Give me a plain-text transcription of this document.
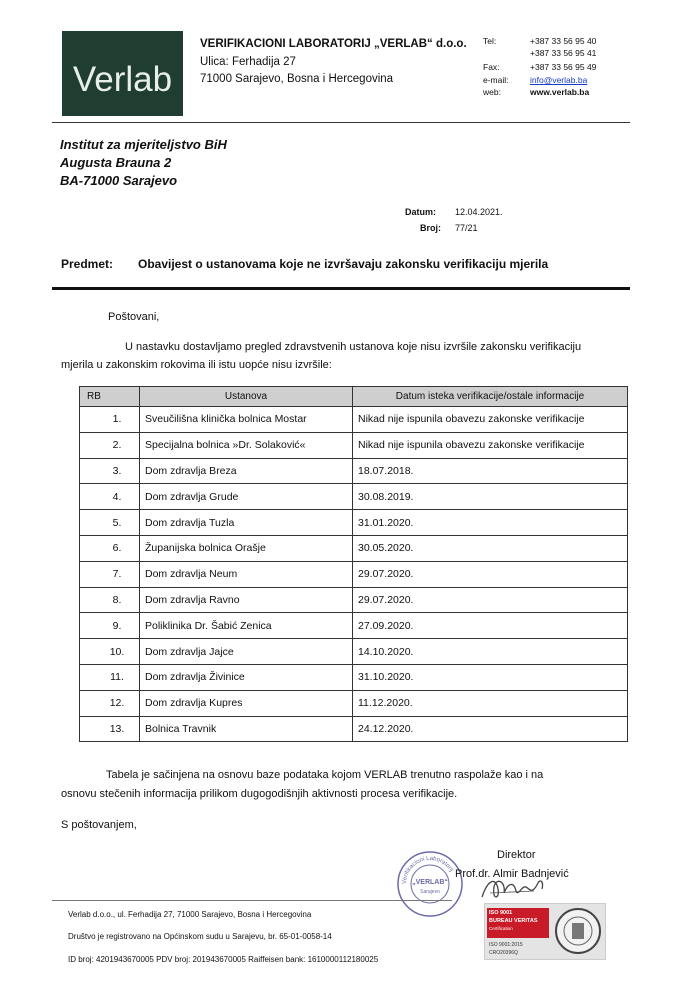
Verlab
VERIFIKACIONI LABORATORIJ „VERLAB“ d.o.o.
Ulica: Ferhadija 27
71000 Sarajevo, Bosna i Hercegovina
Tel:	+387 33 56 95 40
+387 33 56 95 41
Fax:	+387 33 56 95 49
e-mail:	info@verlab.ba
web:	www.verlab.ba
Institut za mjeriteljstvo BiH
Augusta Brauna 2
BA-71000 Sarajevo
Datum: 12.04.2021.
Broj: 77/21
Predmet: Obavijest o ustanovama koje ne izvršavaju zakonsku verifikaciju mjerila
Poštovani,
U nastavku dostavljamo pregled zdravstvenih ustanova koje nisu izvršile zakonsku verifikaciju
mjerila u zakonskim rokovima ili istu uopće nisu izvršile:
RB	Ustanova	Datum isteka verifikacije/ostale informacije
1.	Sveučilišna klinička bolnica Mostar	Nikad nije ispunila obavezu zakonske verifikacije
2.	Specijalna bolnica »Dr. Solaković«	Nikad nije ispunila obavezu zakonske verifikacije
3.	Dom zdravlja Breza	18.07.2018.
4.	Dom zdravlja Grude	30.08.2019.
5.	Dom zdravlja Tuzla	31.01.2020.
6.	Županijska bolnica Orašje	30.05.2020.
7.	Dom zdravlja Neum	29.07.2020.
8.	Dom zdravlja Ravno	29.07.2020.
9.	Poliklinika Dr. Šabić Zenica	27.09.2020.
10.	Dom zdravlja Jajce	14.10.2020.
11.	Dom zdravlja Živinice	31.10.2020.
12.	Dom zdravlja Kupres	11.12.2020.
13.	Bolnica Travnik	24.12.2020.
Tabela je sačinjena na osnovu baze podataka kojom VERLAB trenutno raspolaže kao i na
osnovu stečenih informacija prilikom dugogodišnjih aktivnosti procesa verifikacije.
S poštovanjem,
Direktor
Verifikacioni Laboratorij
„VERLAB“
Sarajevo
Prof.dr. Almir Badnjević
ISO 9001
BUREAU VERITAS
Certification
ISO 9001:2015
CRO20396Q
Verlab d.o.o., ul. Ferhadija 27, 71000 Sarajevo, Bosna i Hercegovina
Društvo je registrovano na Općinskom sudu u Sarajevu, br. 65-01-0058-14
ID broj: 4201943670005 PDV broj: 201943670005 Raiffeisen bank: 1610000112180025
